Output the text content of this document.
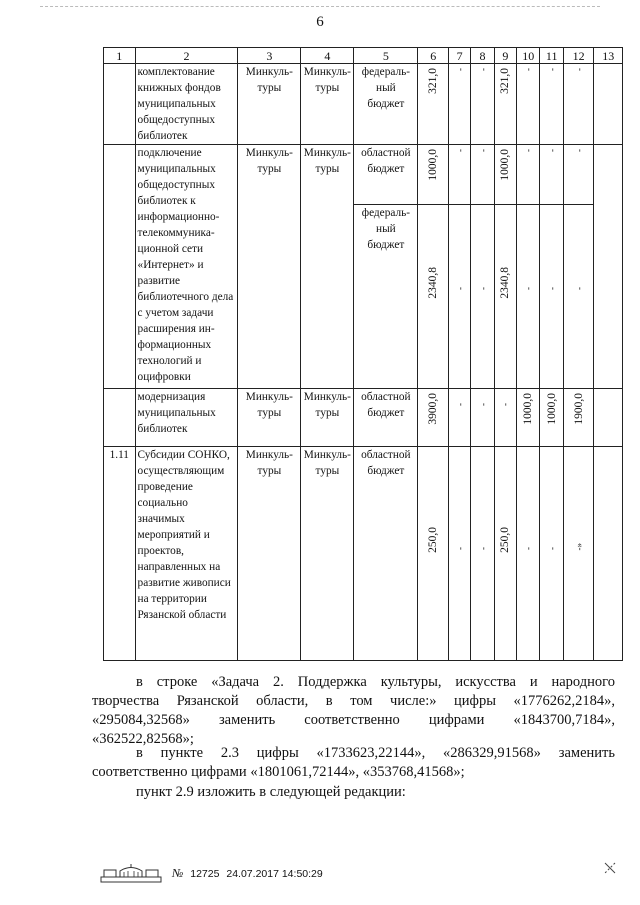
6
1	2	3	4	5	6	7	8	9	10	11	12	13
	комплектование книжных фондов муниципальных общедоступных библиотек	Минкуль-туры	Минкуль-туры	федераль-ный бюджет	321,0	-	-	321,0	-	-	-	

	подключение муниципальных общедоступных библиотек к информационно-телекоммуника-ционной сети «Интернет» и развитие библиотечного дела с учетом задачи расширения ин-формационных технологий и оцифровки	Минкуль-туры	Минкуль-туры	областной бюджет	1000,0	-	-	1000,0	-	-	-	

				федераль-ный бюджет	2340,8	-	-	2340,8	-	-	-	

	модернизация муниципальных библиотек	Минкуль-туры	Минкуль-туры	областной бюджет	3900,0	-	-	-	1000,0	1000,0	1900,0	

1.11	Субсидии СОНКО, осуществляющим проведение социально значимых мероприятий и проектов, направленных на развитие живописи на территории Рязанской области	Минкуль-туры	Минкуль-туры	областной бюджет	250,0	-	-	250,0	-	-	-»	

в строке «Задача 2. Поддержка культуры, искусства и народного
творчества Рязанской области, в том числе:» цифры «1776262,2184»,
«295084,32568» заменить соответственно цифрами «1843700,7184»,
«362522,82568»;
в пункте 2.3 цифры «1733623,22144», «286329,91568» заменить
соответственно цифрами «1801061,72144», «353768,41568»;
пункт 2.9 изложить в следующей редакции:
№ 12725 24.07.2017 14:50:29
